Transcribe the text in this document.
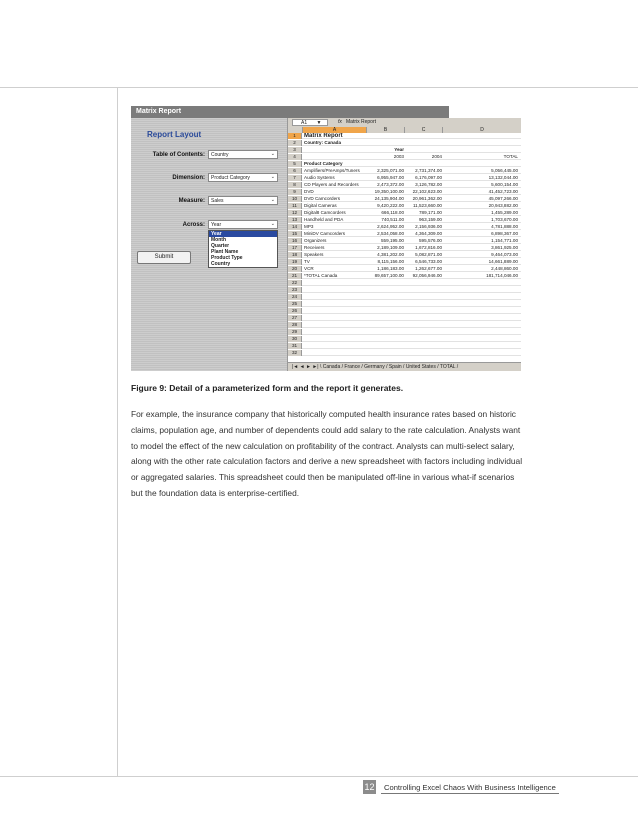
Matrix Report
Report Layout
Table of Contents:	Country	⌄
Dimension:	Product Category	⌄
Measure:	Sales	⌄
Across:	Year	⌄
Year
Month
Quarter
Plant Name
Product Type
Country
Submit
A1 ▼	fx Matrix Report
A	B	C	D
1	Matrix Report
2	Country: Canada
3	Year
4	2003	2004	TOTAL
5	Product Category
6	Amplifiers/PreAmps/Tuners	2,325,071.00	2,731,374.00	5,056,445.00
7	Audio Systems	6,955,947.00	6,176,097.00	13,132,044.00
8	CD Players and Recorders	2,473,372.00	3,126,782.00	5,600,154.00
9	DVD	19,350,100.00	22,102,623.00	41,452,723.00
10	DVD Camcorders	24,135,904.00	20,961,362.00	45,097,266.00
11	Digital Cameras	9,420,222.00	11,523,660.00	20,943,882.00
12	Digital8 Camcorders	666,118.00	789,171.00	1,455,289.00
13	Handheld and PDA	740,511.00	963,159.00	1,703,670.00
14	MP3	2,624,952.00	2,156,936.00	4,781,888.00
15	MiniDV Camcorders	2,534,058.00	4,364,309.00	6,898,367.00
16	Organizers	559,195.00	595,576.00	1,154,771.00
17	Receivers	2,189,109.00	1,672,816.00	3,861,925.00
18	Speakers	4,381,202.00	5,082,871.00	9,464,073.00
19	TV	8,115,156.00	6,546,733.00	14,661,889.00
20	VCR	1,186,183.00	1,262,677.00	2,448,860.00
21	*TOTAL Canada	89,657,100.00	92,056,946.00	181,714,046.00
22
23
24
25
26
27
28
29
30
31
32
|◄ ◄ ► ►| \ Canada / France / Germany / Spain / United States / TOTAL /
Figure 9: Detail of a parameterized form and the report it generates.
For example, the insurance company that historically computed health insurance rates based on historic claims, population age, and number of dependents could add salary to the rate calculation. Analysts want to model the effect of the new calculation on profitability of the contract. Analysts can multi-select salary, along with the other rate calculation factors and derive a new spreadsheet with factors including individual or aggregated salaries. This spreadsheet could then be manipulated off-line in various what-if scenarios but the foundation data is enterprise-certified.
12 Controlling Excel Chaos With Business Intelligence
